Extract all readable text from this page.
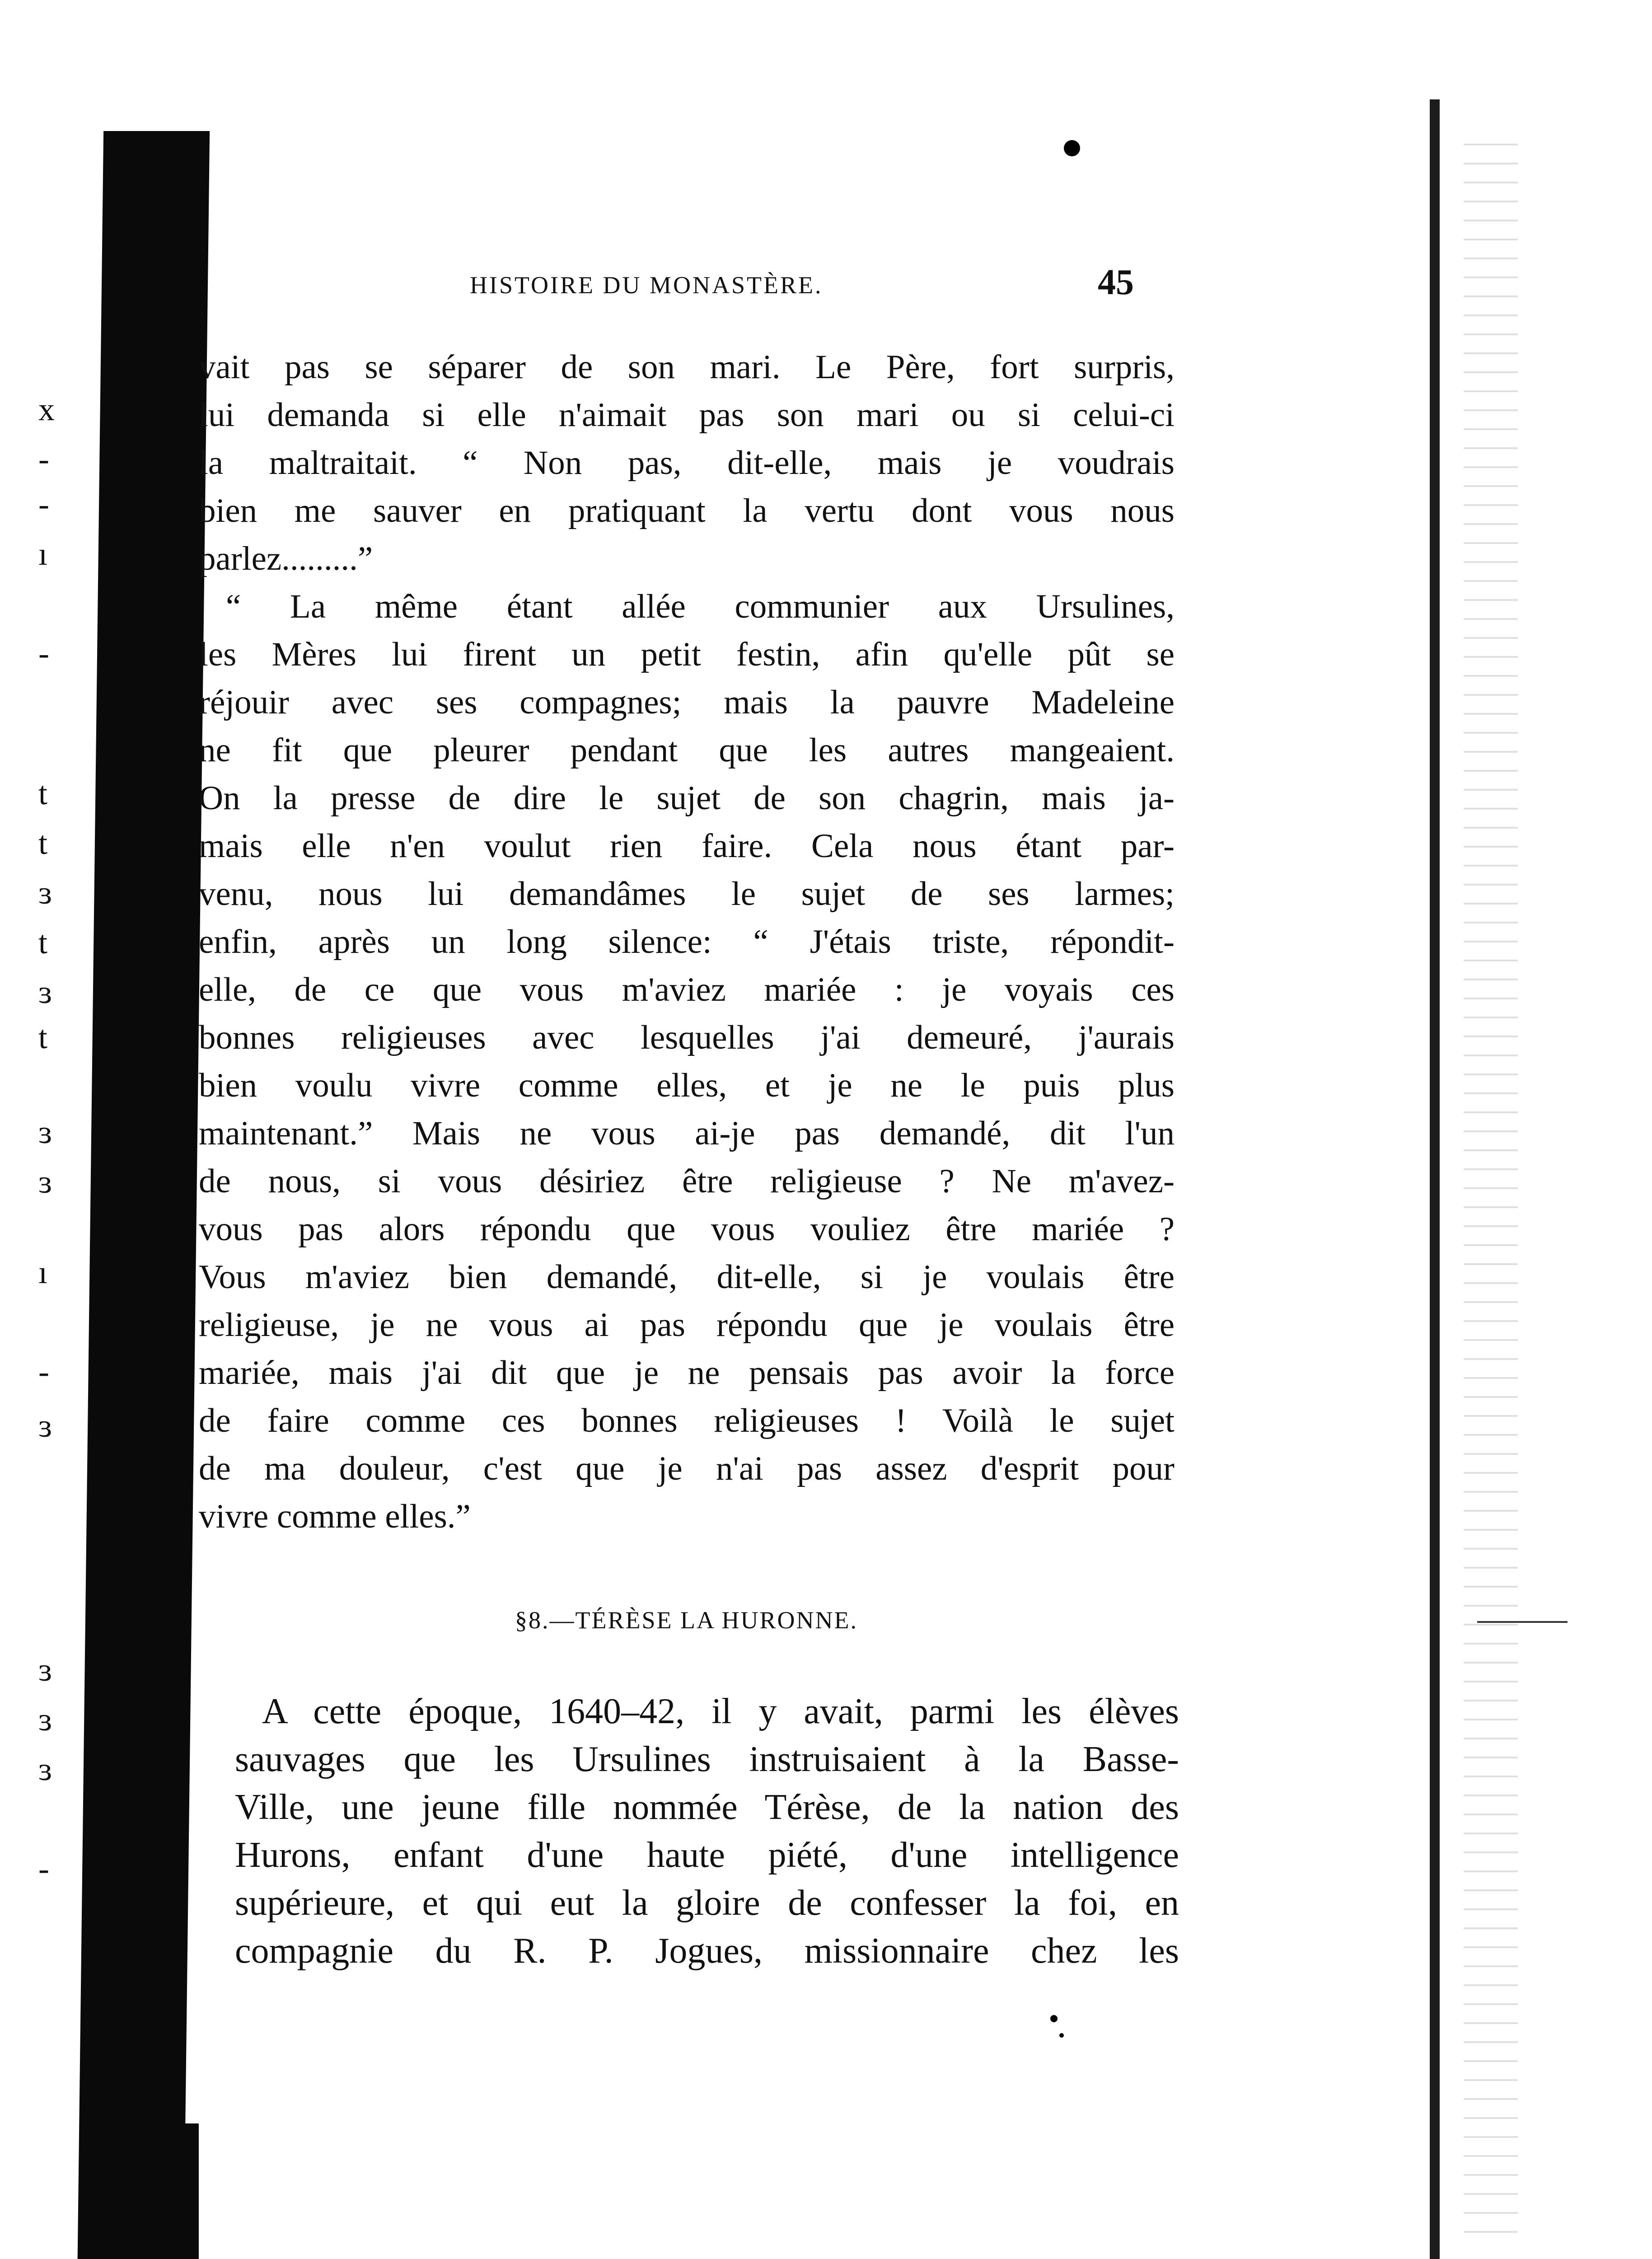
x
-
-
ı
-
t
t
ɜ
t
ɜ
t
ɜ
ɜ
ı
-
ɜ
ɜ
ɜ
ɜ
-
HISTOIRE DU MONASTÈRE.	45

vait pas se séparer de son mari. Le Père, fort surpris,
lui demanda si elle n'aimait pas son mari ou si celui-ci
la maltraitait. “ Non pas, dit-elle, mais je voudrais
bien me sauver en pratiquant la vertu dont vous nous
parlez.........”

“ La même étant allée communier aux Ursulines,
les Mères lui firent un petit festin, afin qu'elle pût se
réjouir avec ses compagnes; mais la pauvre Madeleine
ne fit que pleurer pendant que les autres mangeaient.
On la presse de dire le sujet de son chagrin, mais ja-
mais elle n'en voulut rien faire. Cela nous étant par-
venu, nous lui demandâmes le sujet de ses larmes;
enfin, après un long silence: “ J'étais triste, répondit-
elle, de ce que vous m'aviez mariée : je voyais ces
bonnes religieuses avec lesquelles j'ai demeuré, j'aurais
bien voulu vivre comme elles, et je ne le puis plus
maintenant.” Mais ne vous ai-je pas demandé, dit l'un
de nous, si vous désiriez être religieuse ? Ne m'avez-
vous pas alors répondu que vous vouliez être mariée ?
Vous m'aviez bien demandé, dit-elle, si je voulais être
religieuse, je ne vous ai pas répondu que je voulais être
mariée, mais j'ai dit que je ne pensais pas avoir la force
de faire comme ces bonnes religieuses ! Voilà le sujet
de ma douleur, c'est que je n'ai pas assez d'esprit pour
vivre comme elles.”

§8.—TÉRÈSE LA HURONNE.

A cette époque, 1640–42, il y avait, parmi les élèves
sauvages que les Ursulines instruisaient à la Basse-
Ville, une jeune fille nommée Térèse, de la nation des
Hurons, enfant d'une haute piété, d'une intelligence
supérieure, et qui eut la gloire de confesser la foi, en
compagnie du R. P. Jogues, missionnaire chez les
